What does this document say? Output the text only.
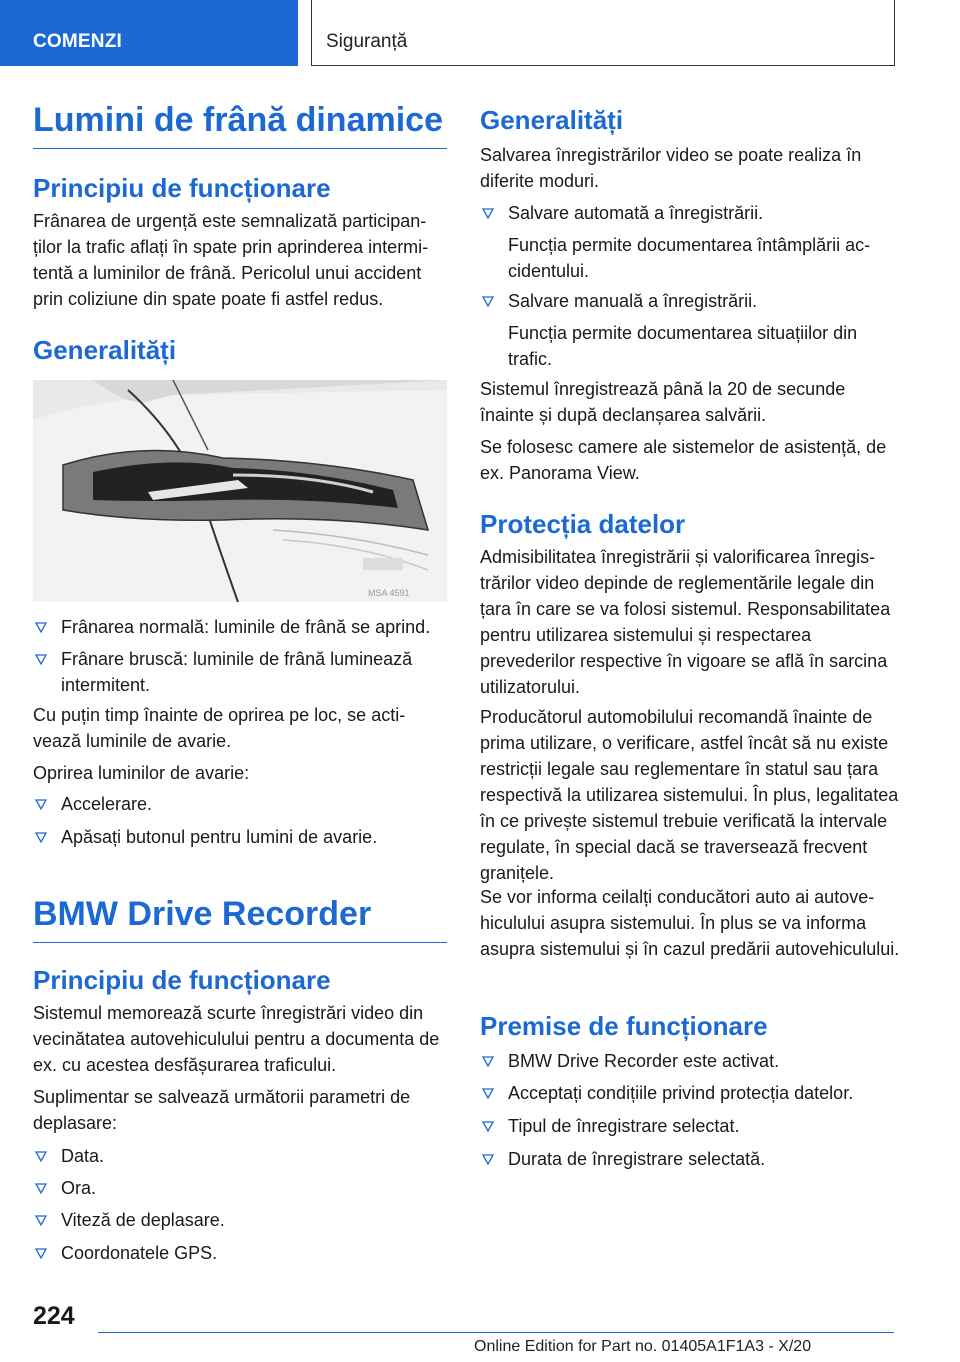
COMENZI	Siguranță
Lumini de frână dinamice
Principiu de funcționare
Frânarea de urgență este semnalizată participanților la trafic aflați în spate prin aprinderea intermitentă a luminilor de frână. Pericolul unui accident prin coliziune din spate poate fi astfel redus.
Generalități
MSA 4591
Frânarea normală: luminile de frână se aprind.
Frânare bruscă: luminile de frână luminează intermitent.
Cu puțin timp înainte de oprirea pe loc, se activează luminile de avarie.
Oprirea luminilor de avarie:
Accelerare.
Apăsați butonul pentru lumini de avarie.
BMW Drive Recorder
Principiu de funcționare
Sistemul memorează scurte înregistrări video din vecinătatea autovehiculului pentru a documenta de ex. cu acestea desfășurarea traficului.
Suplimentar se salvează următorii parametri de deplasare:
Data.
Ora.
Viteză de deplasare.
Coordonatele GPS.
Generalități
Salvarea înregistrărilor video se poate realiza în diferite moduri.
Salvare automată a înregistrării.
Funcția permite documentarea întâmplării accidentului.
Salvare manuală a înregistrării.
Funcția permite documentarea situațiilor din trafic.
Sistemul înregistrează până la 20 de secunde înainte și după declanșarea salvării.
Se folosesc camere ale sistemelor de asistență, de ex. Panorama View.
Protecția datelor
Admisibilitatea înregistrării și valorificarea înregistrărilor video depinde de reglementările legale din țara în care se va folosi sistemul. Responsabilitatea pentru utilizarea sistemului și respectarea prevederilor respective în vigoare se află în sarcina utilizatorului.
Producătorul automobilului recomandă înainte de prima utilizare, o verificare, astfel încât să nu existe restricții legale sau reglementare în statul sau țara respectivă la utilizarea sistemului. În plus, legalitatea în ce privește sistemul trebuie verificată la intervale regulate, în special dacă se traversează frecvent granițele.
Se vor informa ceilalți conducători auto ai autovehiculului asupra sistemului. În plus se va informa asupra sistemului și în cazul predării autovehiculului.
Premise de funcționare
BMW Drive Recorder este activat.
Acceptați condițiile privind protecția datelor.
Tipul de înregistrare selectat.
Durata de înregistrare selectată.
224
Online Edition for Part no. 01405A1F1A3 - X/20
